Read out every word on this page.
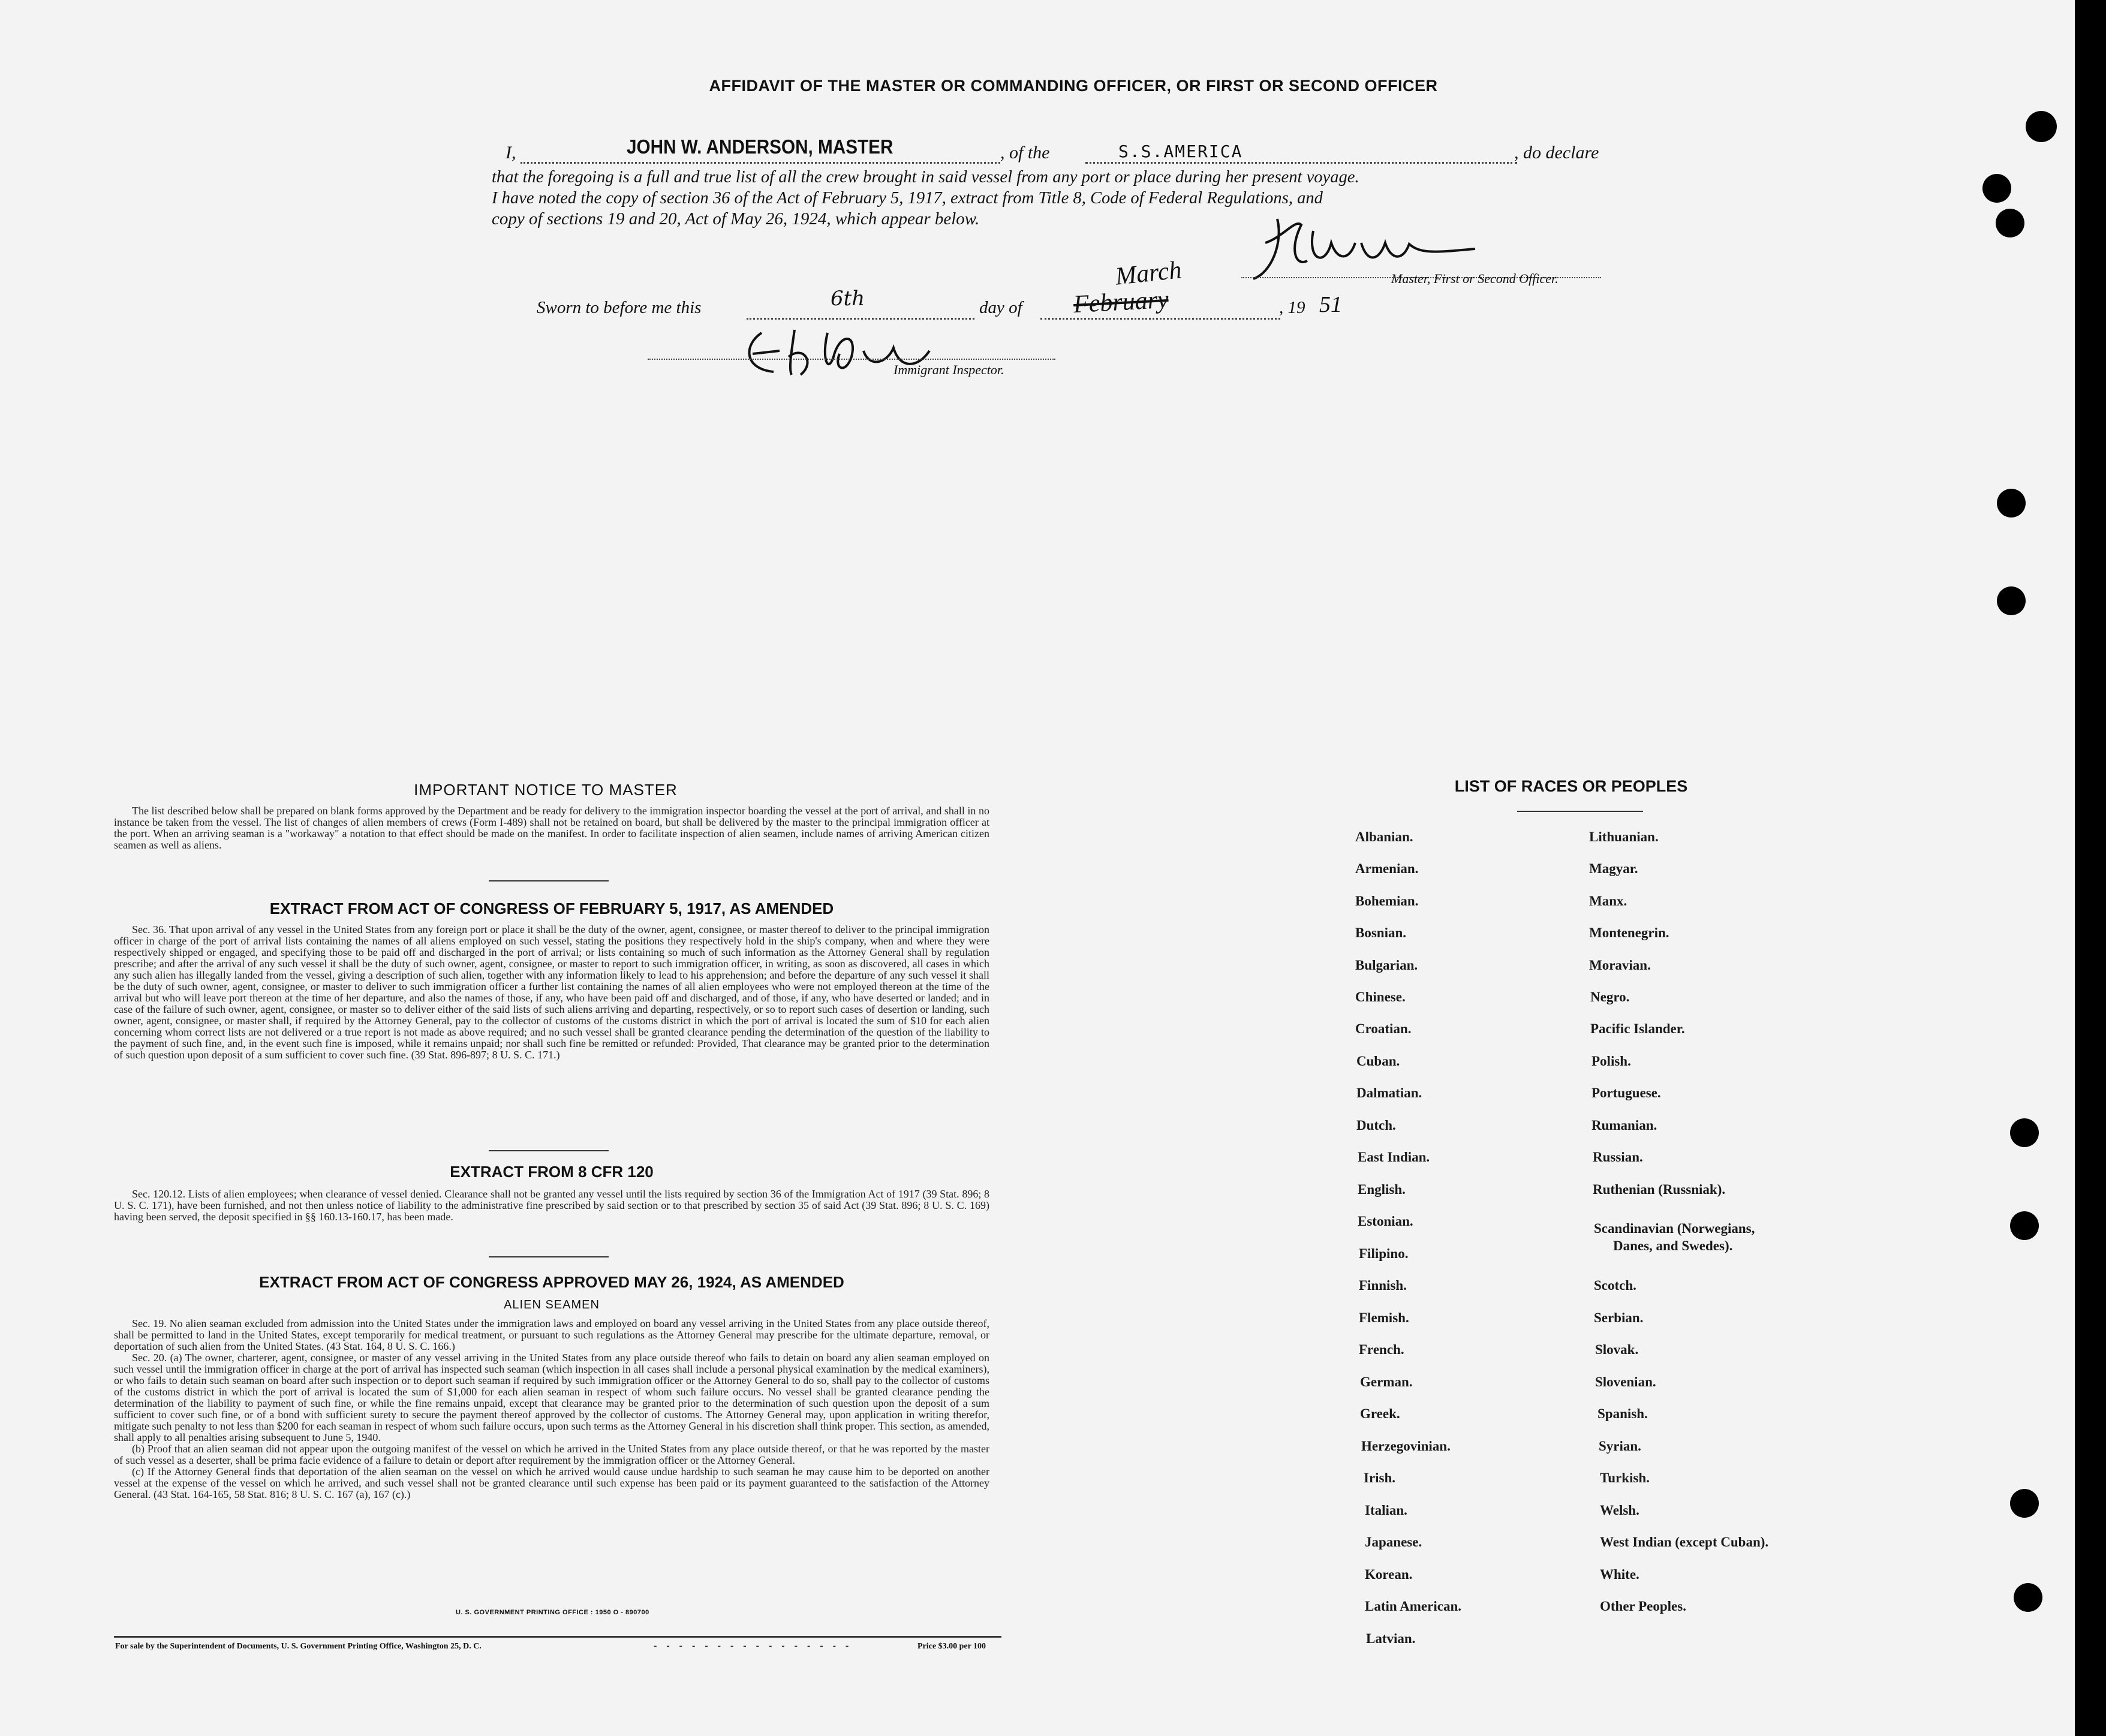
AFFIDAVIT OF THE MASTER OR COMMANDING OFFICER, OR FIRST OR SECOND OFFICER
I,	JOHN W. ANDERSON, MASTER	, of the	S.S.AMERICA	, do declare
that the foregoing is a full and true list of all the crew brought in said vessel from any port or place during her present voyage.
I have noted the copy of section 36 of the Act of February 5, 1917, extract from Title 8, Code of Federal Regulations, and
copy of sections 19 and 20, Act of May 26, 1924, which appear below.
Master, First or Second Officer.
Sworn to before me this	6th	day of
March
February	, 19 51
Immigrant Inspector.
IMPORTANT NOTICE TO MASTER

The list described below shall be prepared on blank forms approved by the Department and be ready for delivery to the immigration inspector boarding the vessel at the port of arrival, and shall in no instance be taken from the vessel. The list of changes of alien members of crews (Form I-489) shall not be retained on board, but shall be delivered by the master to the principal immigration officer at the port. When an arriving seaman is a "workaway" a notation to that effect should be made on the manifest. In order to facilitate inspection of alien seamen, include names of arriving American citizen seamen as well as aliens.

EXTRACT FROM ACT OF CONGRESS OF FEBRUARY 5, 1917, AS AMENDED

Sec. 36. That upon arrival of any vessel in the United States from any foreign port or place it shall be the duty of the owner, agent, consignee, or master thereof to deliver to the principal immigration officer in charge of the port of arrival lists containing the names of all aliens employed on such vessel, stating the positions they respectively hold in the ship's company, when and where they were respectively shipped or engaged, and specifying those to be paid off and discharged in the port of arrival; or lists containing so much of such information as the Attorney General shall by regulation prescribe; and after the arrival of any such vessel it shall be the duty of such owner, agent, consignee, or master to report to such immigration officer, in writing, as soon as discovered, all cases in which any such alien has illegally landed from the vessel, giving a description of such alien, together with any information likely to lead to his apprehension; and before the departure of any such vessel it shall be the duty of such owner, agent, consignee, or master to deliver to such immigration officer a further list containing the names of all alien employees who were not employed thereon at the time of the arrival but who will leave port thereon at the time of her departure, and also the names of those, if any, who have been paid off and discharged, and of those, if any, who have deserted or landed; and in case of the failure of such owner, agent, consignee, or master so to deliver either of the said lists of such aliens arriving and departing, respectively, or so to report such cases of desertion or landing, such owner, agent, consignee, or master shall, if required by the Attorney General, pay to the collector of customs of the customs district in which the port of arrival is located the sum of $10 for each alien concerning whom correct lists are not delivered or a true report is not made as above required; and no such vessel shall be granted clearance pending the determination of the question of the liability to the payment of such fine, and, in the event such fine is imposed, while it remains unpaid; nor shall such fine be remitted or refunded: Provided, That clearance may be granted prior to the determination of such question upon deposit of a sum sufficient to cover such fine. (39 Stat. 896-897; 8 U. S. C. 171.)

EXTRACT FROM 8 CFR 120

Sec. 120.12. Lists of alien employees; when clearance of vessel denied. Clearance shall not be granted any vessel until the lists required by section 36 of the Immigration Act of 1917 (39 Stat. 896; 8 U. S. C. 171), have been furnished, and not then unless notice of liability to the administrative fine prescribed by said section or to that prescribed by section 35 of said Act (39 Stat. 896; 8 U. S. C. 169) having been served, the deposit specified in §§ 160.13-160.17, has been made.

EXTRACT FROM ACT OF CONGRESS APPROVED MAY 26, 1924, AS AMENDED
ALIEN SEAMEN

Sec. 19. No alien seaman excluded from admission into the United States under the immigration laws and employed on board any vessel arriving in the United States from any place outside thereof, shall be permitted to land in the United States, except temporarily for medical treatment, or pursuant to such regulations as the Attorney General may prescribe for the ultimate departure, removal, or deportation of such alien from the United States. (43 Stat. 164, 8 U. S. C. 166.)

Sec. 20. (a) The owner, charterer, agent, consignee, or master of any vessel arriving in the United States from any place outside thereof who fails to detain on board any alien seaman employed on such vessel until the immigration officer in charge at the port of arrival has inspected such seaman (which inspection in all cases shall include a personal physical examination by the medical examiners), or who fails to detain such seaman on board after such inspection or to deport such seaman if required by such immigration officer or the Attorney General to do so, shall pay to the collector of customs of the customs district in which the port of arrival is located the sum of $1,000 for each alien seaman in respect of whom such failure occurs. No vessel shall be granted clearance pending the determination of the liability to payment of such fine, or while the fine remains unpaid, except that clearance may be granted prior to the determination of such question upon the deposit of a sum sufficient to cover such fine, or of a bond with sufficient surety to secure the payment thereof approved by the collector of customs. The Attorney General may, upon application in writing therefor, mitigate such penalty to not less than $200 for each seaman in respect of whom such failure occurs, upon such terms as the Attorney General in his discretion shall think proper. This section, as amended, shall apply to all penalties arising subsequent to June 5, 1940.

(b) Proof that an alien seaman did not appear upon the outgoing manifest of the vessel on which he arrived in the United States from any place outside thereof, or that he was reported by the master of such vessel as a deserter, shall be prima facie evidence of a failure to detain or deport after requirement by the immigration officer or the Attorney General.

(c) If the Attorney General finds that deportation of the alien seaman on the vessel on which he arrived would cause undue hardship to such seaman he may cause him to be deported on another vessel at the expense of the vessel on which he arrived, and such vessel shall not be granted clearance until such expense has been paid or its payment guaranteed to the satisfaction of the Attorney General. (43 Stat. 164-165, 58 Stat. 816; 8 U. S. C. 167 (a), 167 (c).)

U. S. GOVERNMENT PRINTING OFFICE : 1950 O - 890700
For sale by the Superintendent of Documents, U. S. Government Printing Office, Washington 25, D. C.	- - - - - - - - - - - - - - - -	Price $3.00 per 100
LIST OF RACES OR PEOPLES
Albanian.
Armenian.
Bohemian.
Bosnian.
Bulgarian.
Chinese.
Croatian.
Cuban.
Dalmatian.
Dutch.
East Indian.
English.
Estonian.
Filipino.
Finnish.
Flemish.
French.
German.
Greek.
Herzegovinian.
Irish.
Italian.
Japanese.
Korean.
Latin American.
Latvian.
Lithuanian.
Magyar.
Manx.
Montenegrin.
Moravian.
Negro.
Pacific Islander.
Polish.
Portuguese.
Rumanian.
Russian.
Ruthenian (Russniak).
Scandinavian (Norwegians,
Danes, and Swedes).
Scotch.
Serbian.
Slovak.
Slovenian.
Spanish.
Syrian.
Turkish.
Welsh.
West Indian (except Cuban).
White.
Other Peoples.
